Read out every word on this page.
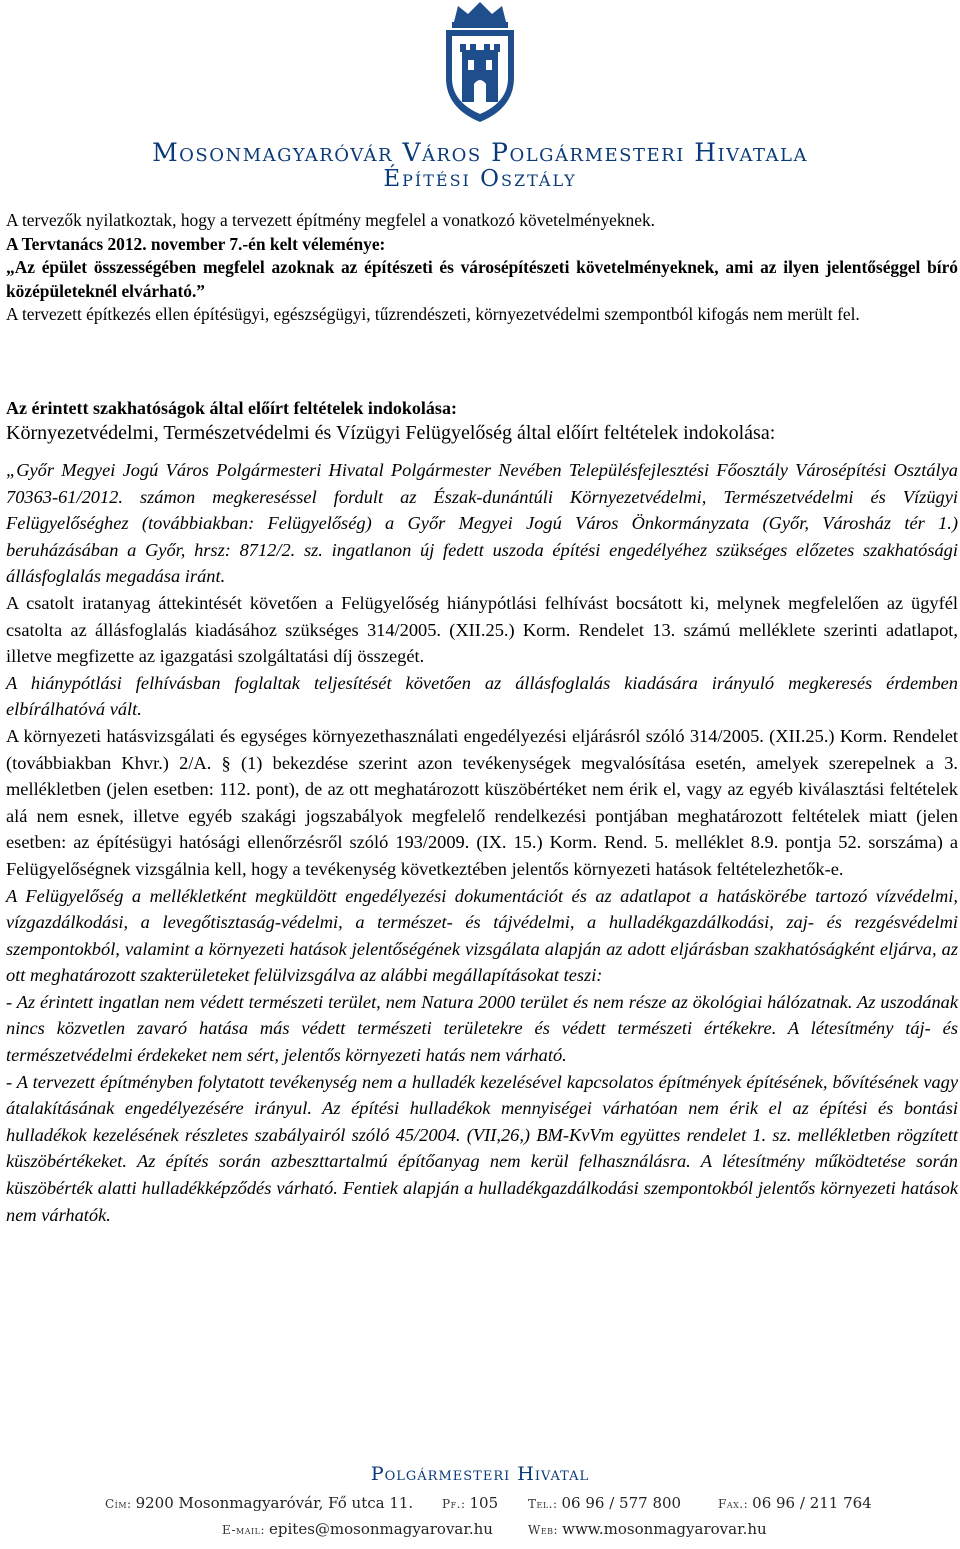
Mosonmagyaróvár Város Polgármesteri Hivatala
Építési Osztály

A tervezők nyilatkoztak, hogy a tervezett építmény megfelel a vonatkozó követelményeknek.

A Tervtanács 2012. november 7.-én kelt véleménye:

„Az épület összességében megfelel azoknak az építészeti és városépítészeti követelményeknek, ami az ilyen jelentőséggel bíró középületeknél elvárható.”

A tervezett építkezés ellen építésügyi, egészségügyi, tűzrendészeti, környezetvédelmi szempontból kifogás nem merült fel.

Az érintett szakhatóságok által előírt feltételek indokolása:
Környezetvédelmi, Természetvédelmi és Vízügyi Felügyelőség által előírt feltételek indokolása:

„Győr Megyei Jogú Város Polgármesteri Hivatal Polgármester Nevében Településfejlesztési Főosztály Városépítési Osztálya 70363-61/2012. számon megkereséssel fordult az Észak-dunántúli Környezetvédelmi, Természetvédelmi és Vízügyi Felügyelőséghez (továbbiakban: Felügyelőség) a Győr Megyei Jogú Város Önkormányzata (Győr, Városház tér 1.) beruházásában a Győr, hrsz: 8712/2. sz. ingatlanon új fedett uszoda építési engedélyéhez szükséges előzetes szakhatósági állásfoglalás megadása iránt.

A csatolt iratanyag áttekintését követően a Felügyelőség hiánypótlási felhívást bocsátott ki, melynek megfelelően az ügyfél csatolta az állásfoglalás kiadásához szükséges 314/2005. (XII.25.) Korm. Rendelet 13. számú melléklete szerinti adatlapot, illetve megfizette az igazgatási szolgáltatási díj összegét.

A hiánypótlási felhívásban foglaltak teljesítését követően az állásfoglalás kiadására irányuló megkeresés érdemben elbírálhatóvá vált.

A környezeti hatásvizsgálati és egységes környezethasználati engedélyezési eljárásról szóló 314/2005. (XII.25.) Korm. Rendelet (továbbiakban Khvr.) 2/A. § (1) bekezdése szerint azon tevékenységek megvalósítása esetén, amelyek szerepelnek a 3. mellékletben (jelen esetben: 112. pont), de az ott meghatározott küszöbértéket nem érik el, vagy az egyéb kiválasztási feltételek alá nem esnek, illetve egyéb szakági jogszabályok megfelelő rendelkezési pontjában meghatározott feltételek miatt (jelen esetben: az építésügyi hatósági ellenőrzésről szóló 193/2009. (IX. 15.) Korm. Rend. 5. melléklet 8.9. pontja 52. sorszáma) a Felügyelőségnek vizsgálnia kell, hogy a tevékenység következtében jelentős környezeti hatások feltételezhetők-e.

A Felügyelőség a mellékletként megküldött engedélyezési dokumentációt és az adatlapot a hatáskörébe tartozó vízvédelmi, vízgazdálkodási, a levegőtisztaság-védelmi, a természet- és tájvédelmi, a hulladékgazdálkodási, zaj- és rezgésvédelmi szempontokból, valamint a környezeti hatások jelentőségének vizsgálata alapján az adott eljárásban szakhatóságként eljárva, az ott meghatározott szakterületeket felülvizsgálva az alábbi megállapításokat teszi:

- Az érintett ingatlan nem védett természeti terület, nem Natura 2000 terület és nem része az ökológiai hálózatnak. Az uszodának nincs közvetlen zavaró hatása más védett természeti területekre és védett természeti értékekre. A létesítmény táj- és természetvédelmi érdekeket nem sért, jelentős környezeti hatás nem várható.

- A tervezett építményben folytatott tevékenység nem a hulladék kezelésével kapcsolatos építmények építésének, bővítésének vagy átalakításának engedélyezésére irányul. Az építési hulladékok mennyiségei várhatóan nem érik el az építési és bontási hulladékok kezelésének részletes szabályairól szóló 45/2004. (VII,26,) BM-KvVm együttes rendelet 1. sz. mellékletben rögzített küszöbértékeket. Az építés során azbeszttartalmú építőanyag nem kerül felhasználásra. A létesítmény működtetése során küszöbérték alatti hulladékképződés várható. Fentiek alapján a hulladékgazdálkodási szempontokból jelentős környezeti hatások nem várhatók.

Polgármesteri Hivatal
Cím: 9200 Mosonmagyaróvár, Fő utca 11. Pf.: 105 Tel.: 06 96 / 577 800	Fax.: 06 96 / 211 764
E-mail: epites@mosonmagyarovar.hu	Web: www.mosonmagyarovar.hu
